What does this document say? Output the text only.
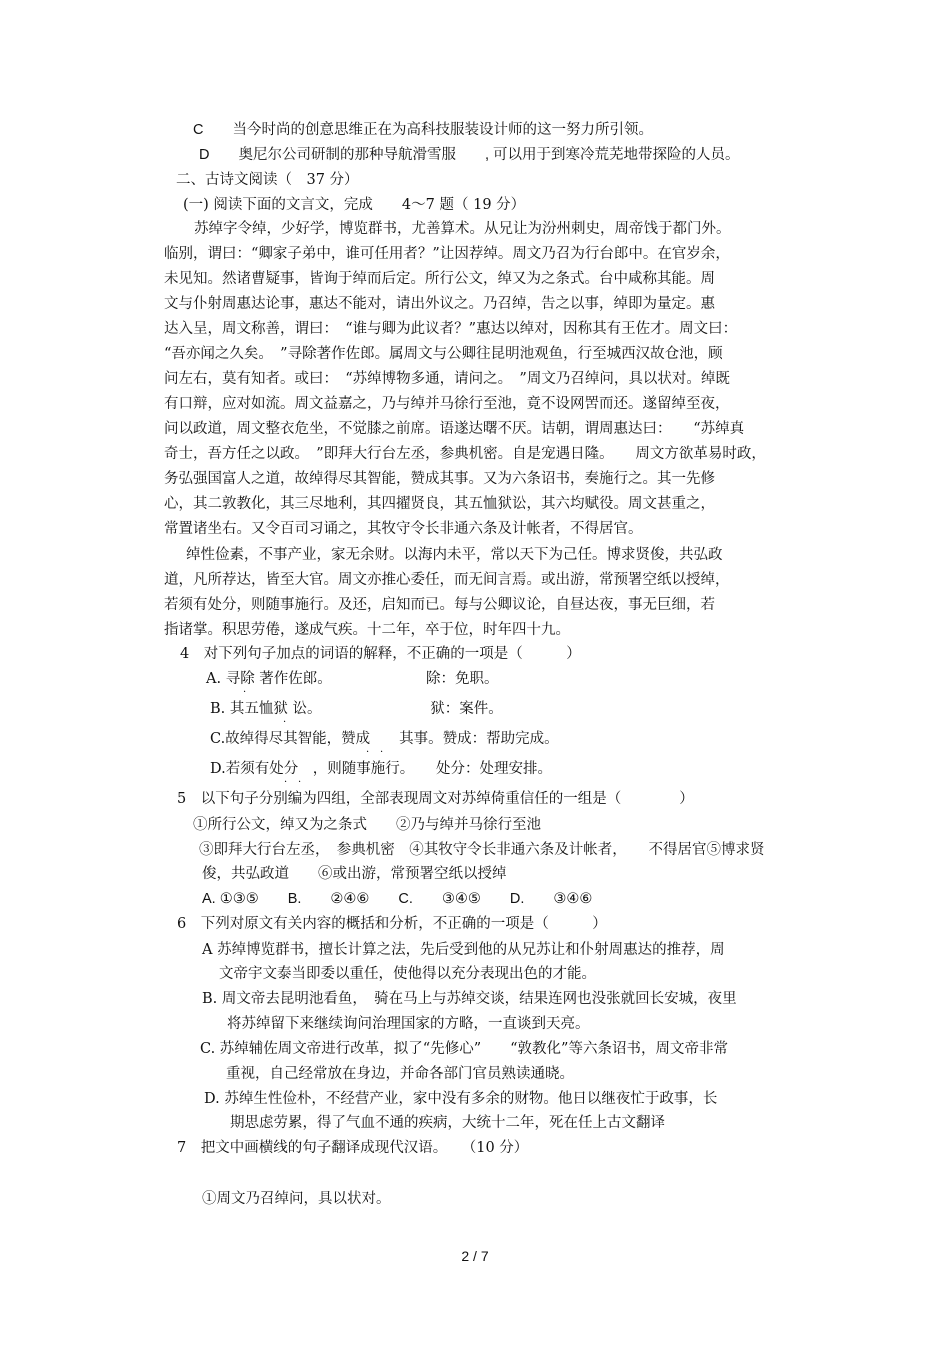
C　　当今时尚的创意思维正在为高科技服装设计师的这一努力所引领。
D　　奥尼尔公司研制的那种导航滑雪服　　, 可以用于到寒冷荒芜地带探险的人员。
二、古诗文阅读（　37 分）
(一) 阅读下面的文言文，完成　　4～7 题（ 19 分）
苏绰字令绰，少好学，博览群书，尤善算术。从兄让为汾州刺史，周帝饯于都门外。
临别，谓曰：“卿家子弟中，谁可任用者？”让因荐绰。周文乃召为行台郎中。在官岁余，
未见知。然诸曹疑事，皆询于绰而后定。所行公文，绰又为之条式。台中咸称其能。周
文与仆射周惠达论事，惠达不能对，请出外议之。乃召绰，告之以事，绰即为量定。惠
达入呈，周文称善，谓曰：　“谁与卿为此议者？”惠达以绰对，因称其有王佐才。周文曰：
“吾亦闻之久矣。　”寻除著作佐郎。属周文与公卿往昆明池观鱼，行至城西汉故仓池，顾
问左右，莫有知者。或曰：　“苏绰博物多通，请问之。　”周文乃召绰问，具以状对。绰既
有口辩，应对如流。周文益嘉之，乃与绰并马徐行至池，竟不设网罟而还。遂留绰至夜，
问以政道，周文整衣危坐，不觉膝之前席。语遂达曙不厌。诘朝，谓周惠达曰：　　“苏绰真
奇士，吾方任之以政。　”即拜大行台左丞，参典机密。自是宠遇日隆。　　周文方欲革易时政，
务弘强国富人之道，故绰得尽其智能，赞成其事。又为六条诏书，奏施行之。其一先修
心，其二敦教化，其三尽地利，其四擢贤良，其五恤狱讼，其六均赋役。周文甚重之，
常置诸坐右。又令百司习诵之，其牧守令长非通六条及计帐者，不得居官。
绰性俭素，不事产业，家无余财。以海内未平，常以天下为己任。博求贤俊，共弘政
道，凡所荐达，皆至大官。周文亦推心委任，而无间言焉。或出游，常预署空纸以授绰，
若须有处分，则随事施行。及还，启知而已。每与公卿议论，自昼达夜，事无巨细，若
指诸掌。积思劳倦，遂成气疾。十二年，卒于位，时年四十九。
4　对下列句子加点的词语的解释，不正确的一项是（　　　）
A. 寻除 著作佐郎。　　　　　　　除：免职。
·
B. 其五恤狱 讼。　　　　　　　　狱：案件。
·
C.故绰得尽其智能，赞成　　其事。赞成：帮助完成。
· ·
D.若须有处分　，则随事施行。　　处分：处理安排。
· ·
5　以下句子分别编为四组，全部表现周文对苏绰倚重信任的一组是（　　　　）
①所行公文，绰又为之条式　　②乃与绰并马徐行至池
③即拜大行台左丞，　参典机密　④其牧守令长非通六条及计帐者，　　不得居官⑤博求贤
俊，共弘政道　　⑥或出游，常预署空纸以授绰
A. ①③⑤　　B.　　②④⑥　　C.　　③④⑤　　D.　　③④⑥
6　下列对原文有关内容的概括和分析，不正确的一项是（　　　）
A 苏绰博览群书，擅长计算之法，先后受到他的从兄苏让和仆射周惠达的推荐，周
文帝宇文泰当即委以重任，使他得以充分表现出色的才能。
B. 周文帝去昆明池看鱼，　骑在马上与苏绰交谈，结果连网也没张就回长安城，夜里
将苏绰留下来继续询问治理国家的方略，一直谈到天亮。
C. 苏绰辅佐周文帝进行改革，拟了“先修心”　　“敦教化”等六条诏书，周文帝非常
重视，自己经常放在身边，并命各部门官员熟读通晓。
D. 苏绰生性俭朴，不经营产业，家中没有多余的财物。他日以继夜忙于政事，长
期思虑劳累，得了气血不通的疾病，大统十二年，死在任上古文翻译
7　把文中画横线的句子翻译成现代汉语。　　（10 分）
①周文乃召绰问，具以状对。
2 / 7
